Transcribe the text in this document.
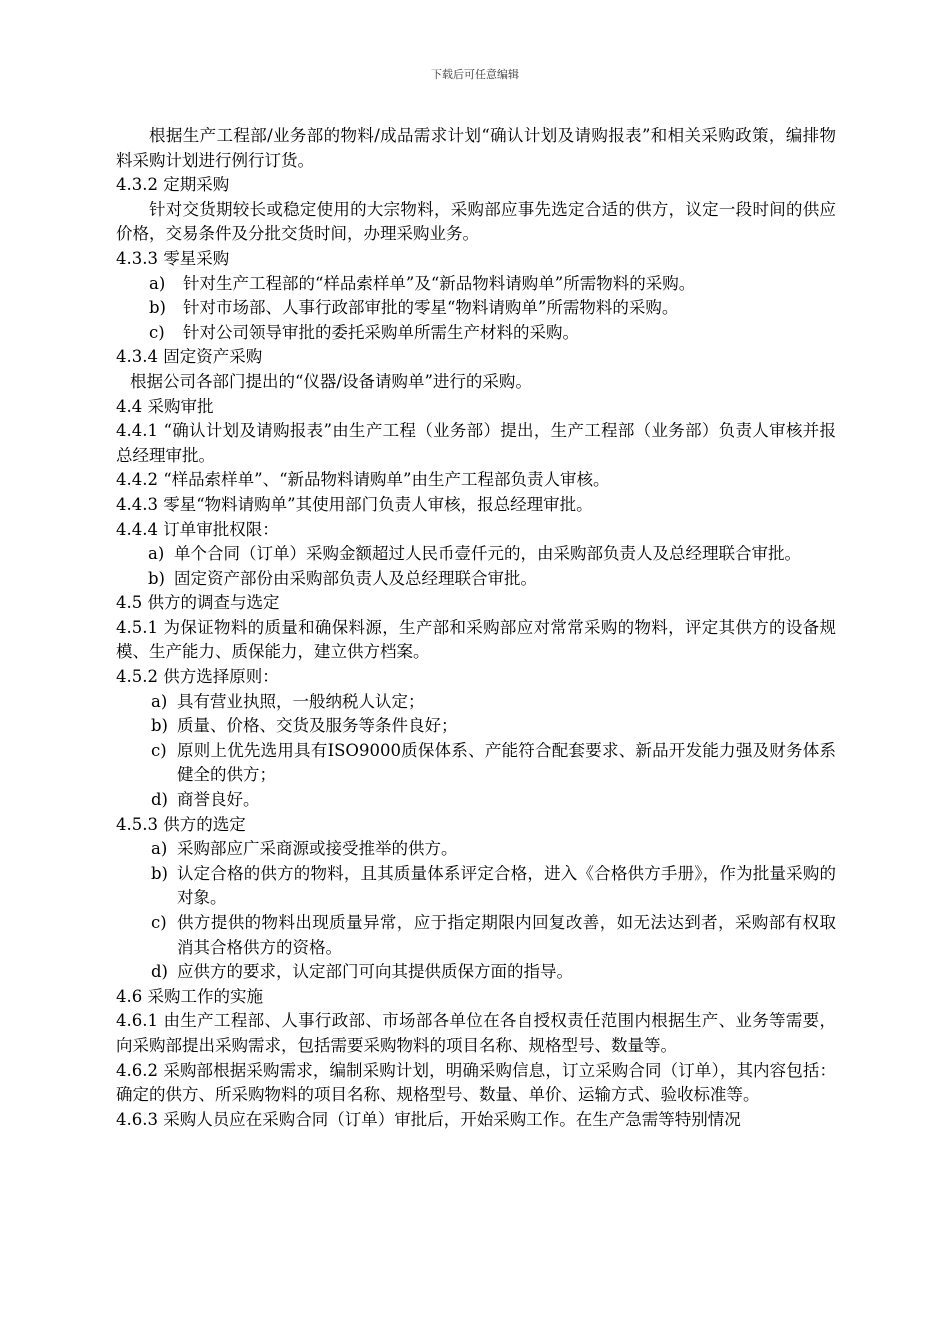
下载后可任意编辑

根据生产工程部/业务部的物料/成品需求计划“确认计划及请购报表”和相关采购政策，编排物料采购计划进行例行订货。

4.3.2 定期采购

针对交货期较长或稳定使用的大宗物料，采购部应事先选定合适的供方，议定一段时间的供应价格，交易条件及分批交货时间，办理采购业务。

4.3.3 零星采购

a)	针对生产工程部的“样品索样单”及“新品物料请购单”所需物料的采购。
b)	针对市场部、人事行政部审批的零星“物料请购单”所需物料的采购。
c)	针对公司领导审批的委托采购单所需生产材料的采购。

4.3.4 固定资产采购

根据公司各部门提出的“仪器/设备请购单”进行的采购。

4.4 采购审批

4.4.1 “确认计划及请购报表”由生产工程（业务部）提出，生产工程部（业务部）负责人审核并报总经理审批。

4.4.2 “样品索样单”、“新品物料请购单”由生产工程部负责人审核。

4.4.3 零星“物料请购单”其使用部门负责人审核，报总经理审批。

4.4.4 订单审批权限：

a) 单个合同（订单）采购金额超过人民币壹仟元的，由采购部负责人及总经理联合审批。
b) 固定资产部份由采购部负责人及总经理联合审批。

4.5 供方的调查与选定

4.5.1 为保证物料的质量和确保料源，生产部和采购部应对常常采购的物料，评定其供方的设备规模、生产能力、质保能力，建立供方档案。

4.5.2 供方选择原则：

a) 具有营业执照，一般纳税人认定；
b) 质量、价格、交货及服务等条件良好；
c) 原则上优先选用具有ISO9000质保体系、产能符合配套要求、新品开发能力强及财务体系健全的供方；
d) 商誉良好。

4.5.3 供方的选定

a) 采购部应广采商源或接受推举的供方。
b) 认定合格的供方的物料，且其质量体系评定合格，进入《合格供方手册》，作为批量采购的对象。
c) 供方提供的物料出现质量异常，应于指定期限内回复改善，如无法达到者，采购部有权取消其合格供方的资格。
d) 应供方的要求，认定部门可向其提供质保方面的指导。

4.6 采购工作的实施

4.6.1 由生产工程部、人事行政部、市场部各单位在各自授权责任范围内根据生产、业务等需要，向采购部提出采购需求，包括需要采购物料的项目名称、规格型号、数量等。

4.6.2 采购部根据采购需求，编制采购计划，明确采购信息，订立采购合同（订单），其内容包括：确定的供方、所采购物料的项目名称、规格型号、数量、单价、运输方式、验收标准等。

4.6.3 采购人员应在采购合同（订单）审批后，开始采购工作。在生产急需等特别情况
